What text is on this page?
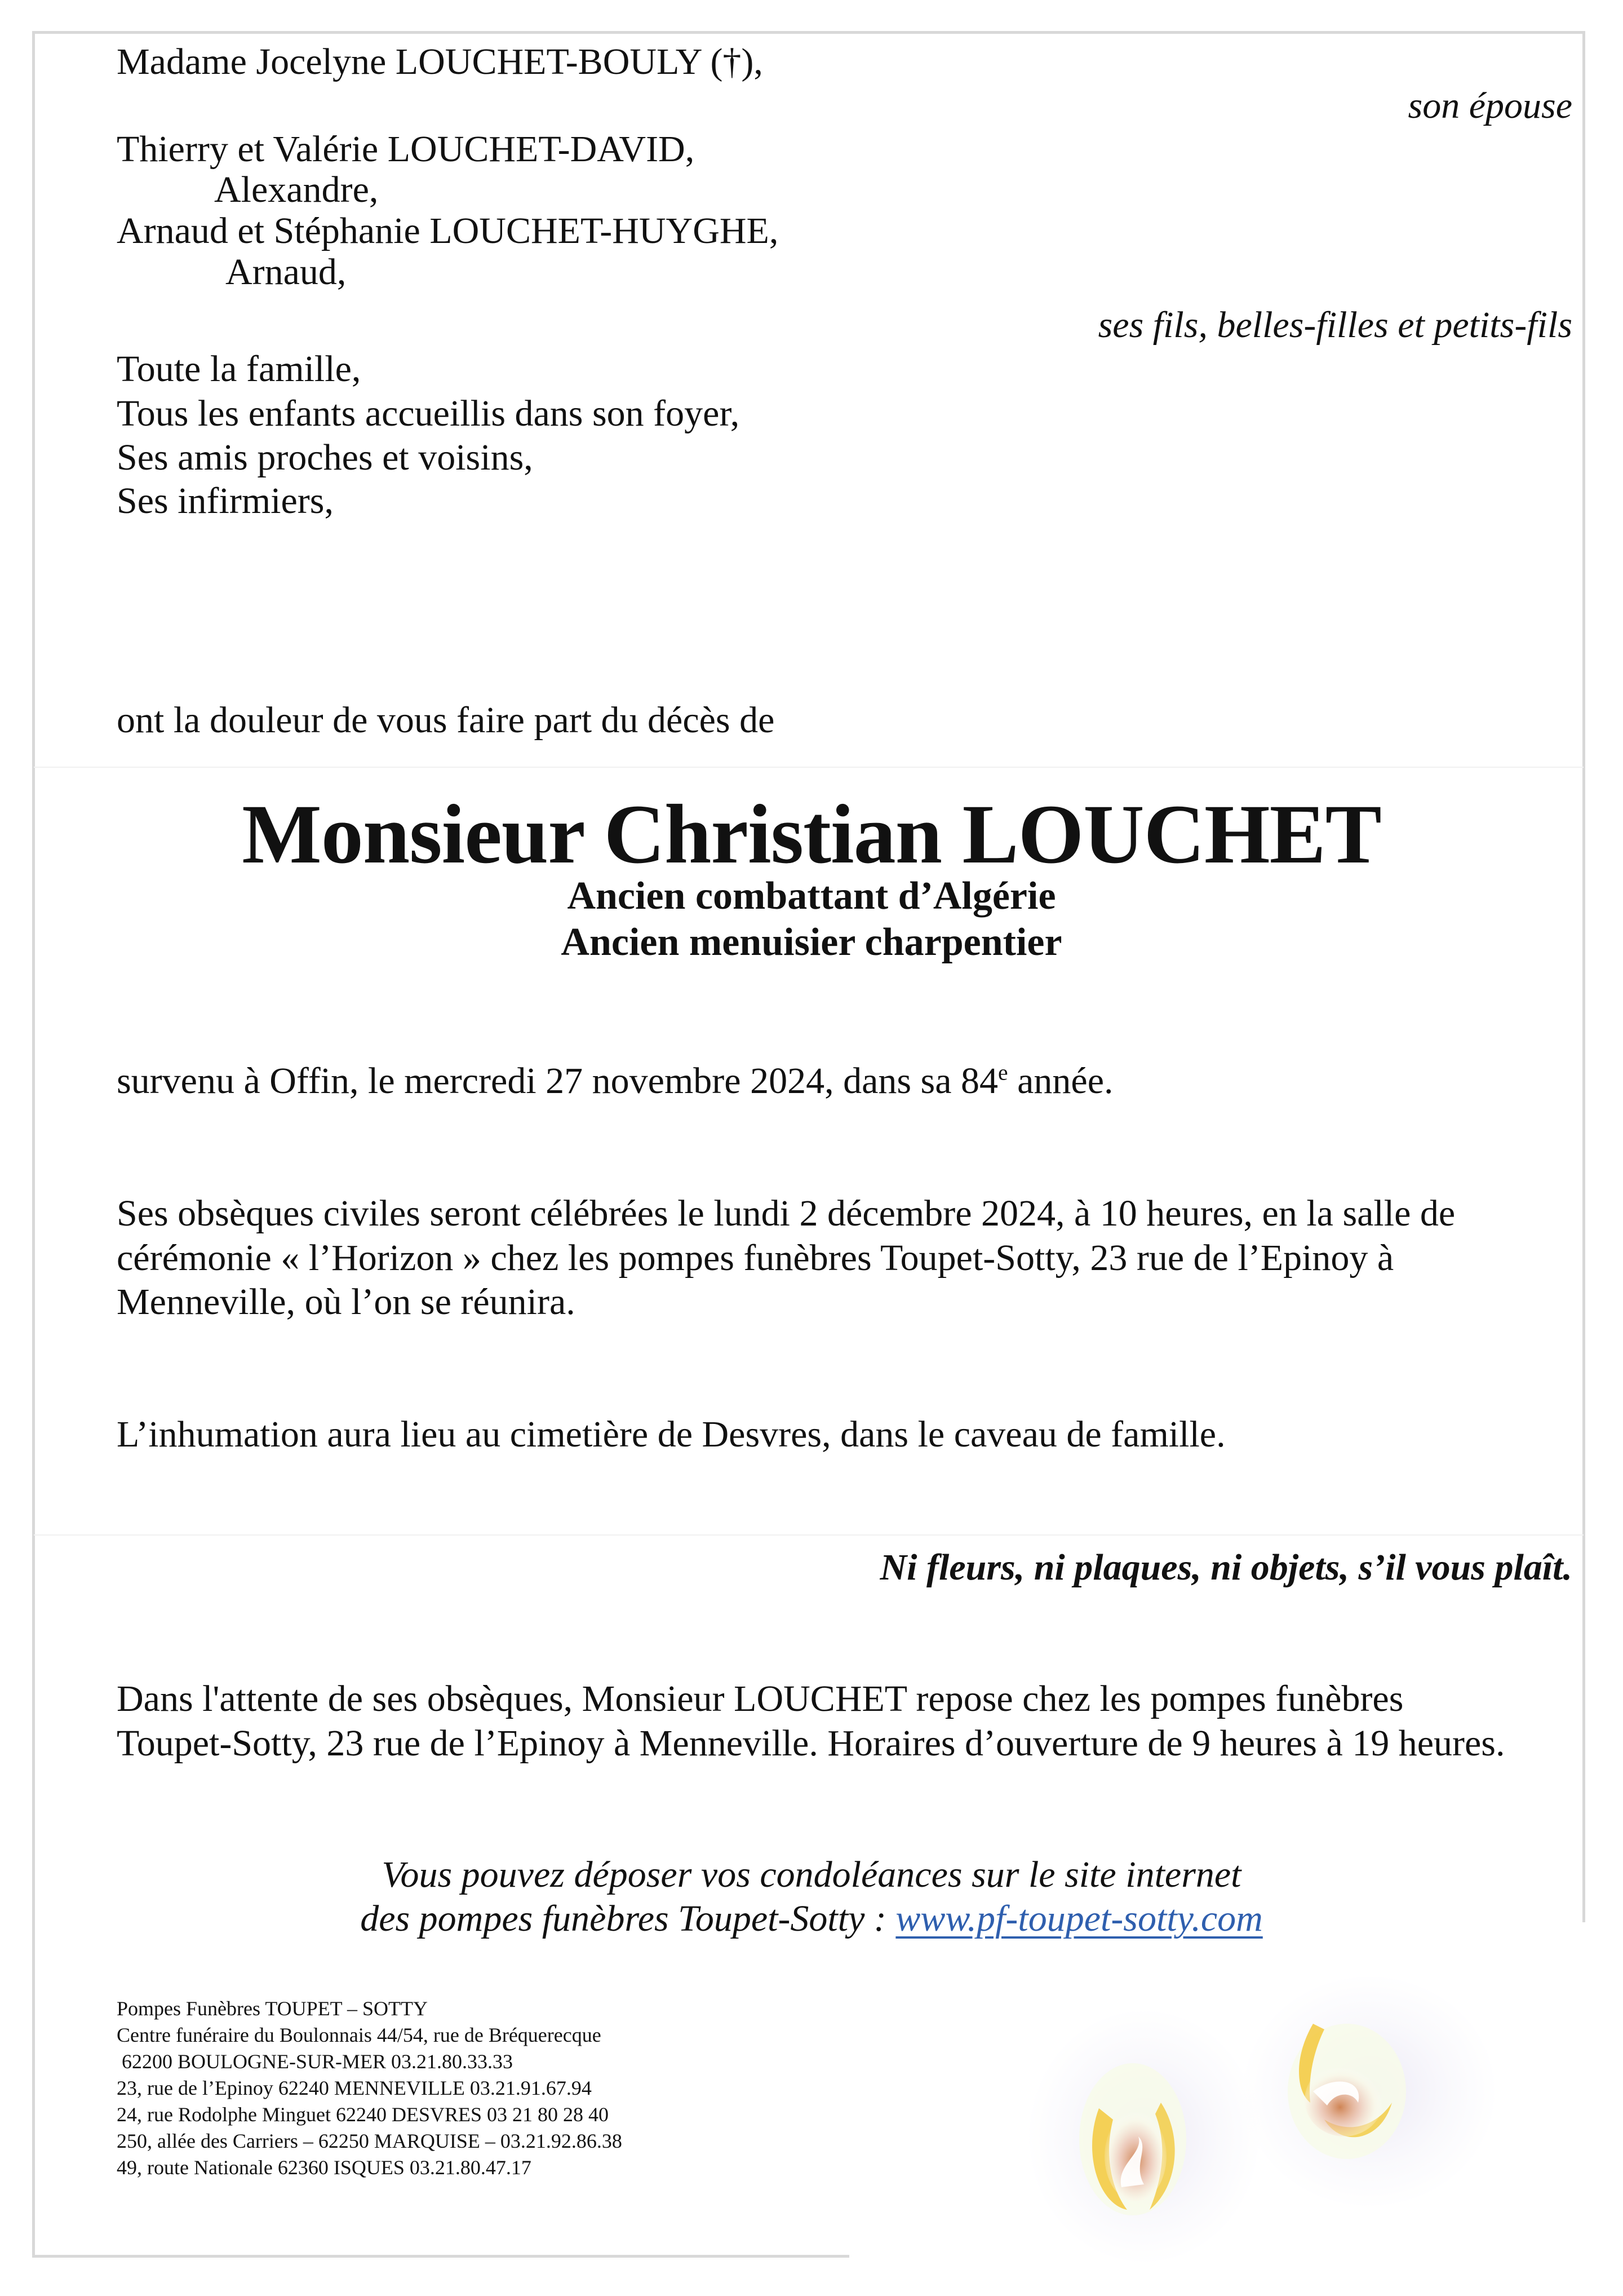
Madame Jocelyne LOUCHET-BOULY (†),
son épouse
Thierry et Valérie LOUCHET-DAVID,
Alexandre,
Arnaud et Stéphanie LOUCHET-HUYGHE,
Arnaud,
ses fils, belles-filles et petits-fils
Toute la famille,
Tous les enfants accueillis dans son foyer,
Ses amis proches et voisins,
Ses infirmiers,
ont la douleur de vous faire part du décès de
Monsieur Christian LOUCHET
Ancien combattant d’Algérie
Ancien menuisier charpentier
survenu à Offin, le mercredi 27 novembre 2024, dans sa 84e année.
Ses obsèques civiles seront célébrées le lundi 2 décembre 2024, à 10 heures, en la salle de
cérémonie « l’Horizon » chez les pompes funèbres Toupet-Sotty, 23 rue de l’Epinoy à
Menneville, où l’on se réunira.
L’inhumation aura lieu au cimetière de Desvres, dans le caveau de famille.
Ni fleurs, ni plaques, ni objets, s’il vous plaît.
Dans l'attente de ses obsèques, Monsieur LOUCHET repose chez les pompes funèbres
Toupet-Sotty, 23 rue de l’Epinoy à Menneville. Horaires d’ouverture de 9 heures à 19 heures.
Vous pouvez déposer vos condoléances sur le site internet
des pompes funèbres Toupet-Sotty : www.pf-toupet-sotty.com
Pompes Funèbres TOUPET – SOTTY
Centre funéraire du Boulonnais 44/54, rue de Bréquerecque
62200 BOULOGNE-SUR-MER 03.21.80.33.33
23, rue de l’Epinoy 62240 MENNEVILLE 03.21.91.67.94
24, rue Rodolphe Minguet 62240 DESVRES 03 21 80 28 40
250, allée des Carriers – 62250 MARQUISE – 03.21.92.86.38
49, route Nationale 62360 ISQUES 03.21.80.47.17
